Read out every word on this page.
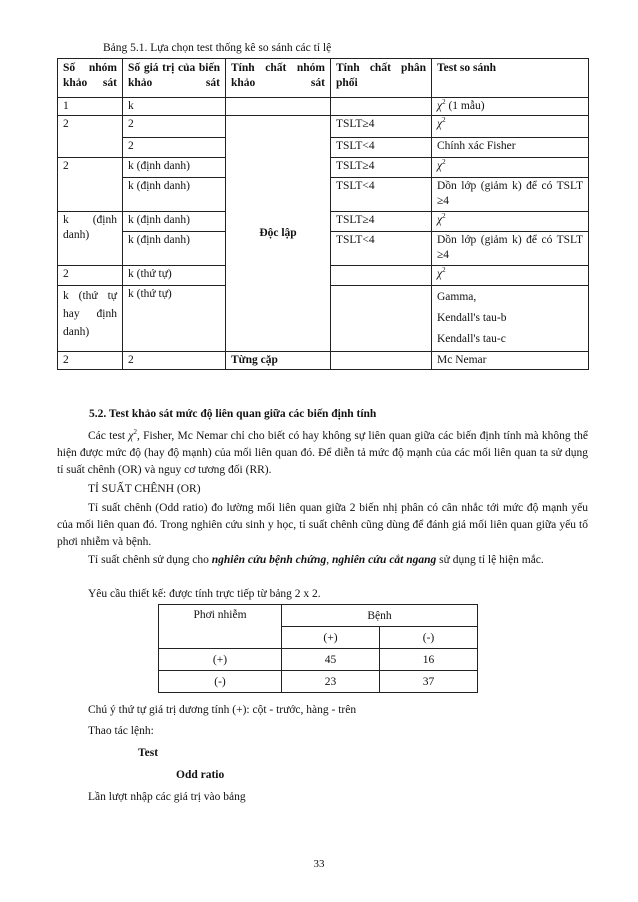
Bảng 5.1. Lựa chọn test thống kê so sánh các tỉ lệ
Số nhóm khảo sát	Số giá trị của biến khảo sát	Tính chất nhóm khảo sát	Tính chất phân phối	Test so sánh
1	k			$\chi^2$ (1 mẫu)
2	2	Độc lập	TSLT≥4	$\chi^2$
	2		TSLT<4	Chính xác Fisher
2	k (định danh)		TSLT≥4	$\chi^2$
	k (định danh)		TSLT<4	Dồn lớp (giảm k) để có TSLT ≥4

k (định danh)	k (định danh)		TSLT≥4	$\chi^2$
	k (định danh)		TSLT<4	Dồn lớp (giảm k) để có TSLT ≥4
2	k (thứ tự)			$\chi^2$

k (thứ tự hay định danh)	k (thứ tự)			Gamma,
Kendall's tau-b
Kendall's tau-c

2	2	Từng cặp		Mc Nemar
5.2. Test khảo sát mức độ liên quan giữa các biến định tính
Các test $\chi^2$, Fisher, Mc Nemar chỉ cho biết có hay không sự liên quan giữa các biến định tính mà không thể hiện được mức độ (hay độ mạnh) của mối liên quan đó. Để diễn tả mức độ mạnh của các mối liên quan ta sử dụng tỉ suất chênh (OR) và nguy cơ tương đối (RR).
TỈ SUẤT CHÊNH (OR)
Tỉ suất chênh (Odd ratio) đo lường mối liên quan giữa 2 biến nhị phân có cân nhắc tới mức độ mạnh yếu của mối liên quan đó. Trong nghiên cứu sinh y học, tỉ suất chênh cũng dùng để đánh giá mối liên quan giữa yếu tố phơi nhiễm và bệnh.
Tỉ suất chênh sử dụng cho nghiên cứu bệnh chứng, nghiên cứu cắt ngang sử dụng tỉ lệ hiện mắc.
Yêu cầu thiết kế: được tính trực tiếp từ bảng 2 x 2.
Phơi nhiễm	Bệnh	
	(+)	(-)
(+)	45	16
(-)	23	37
Chú ý thứ tự giá trị dương tính (+): cột - trước, hàng - trên
Thao tác lệnh:
Test
Odd ratio
Lần lượt nhập các giá trị vào bảng
33
